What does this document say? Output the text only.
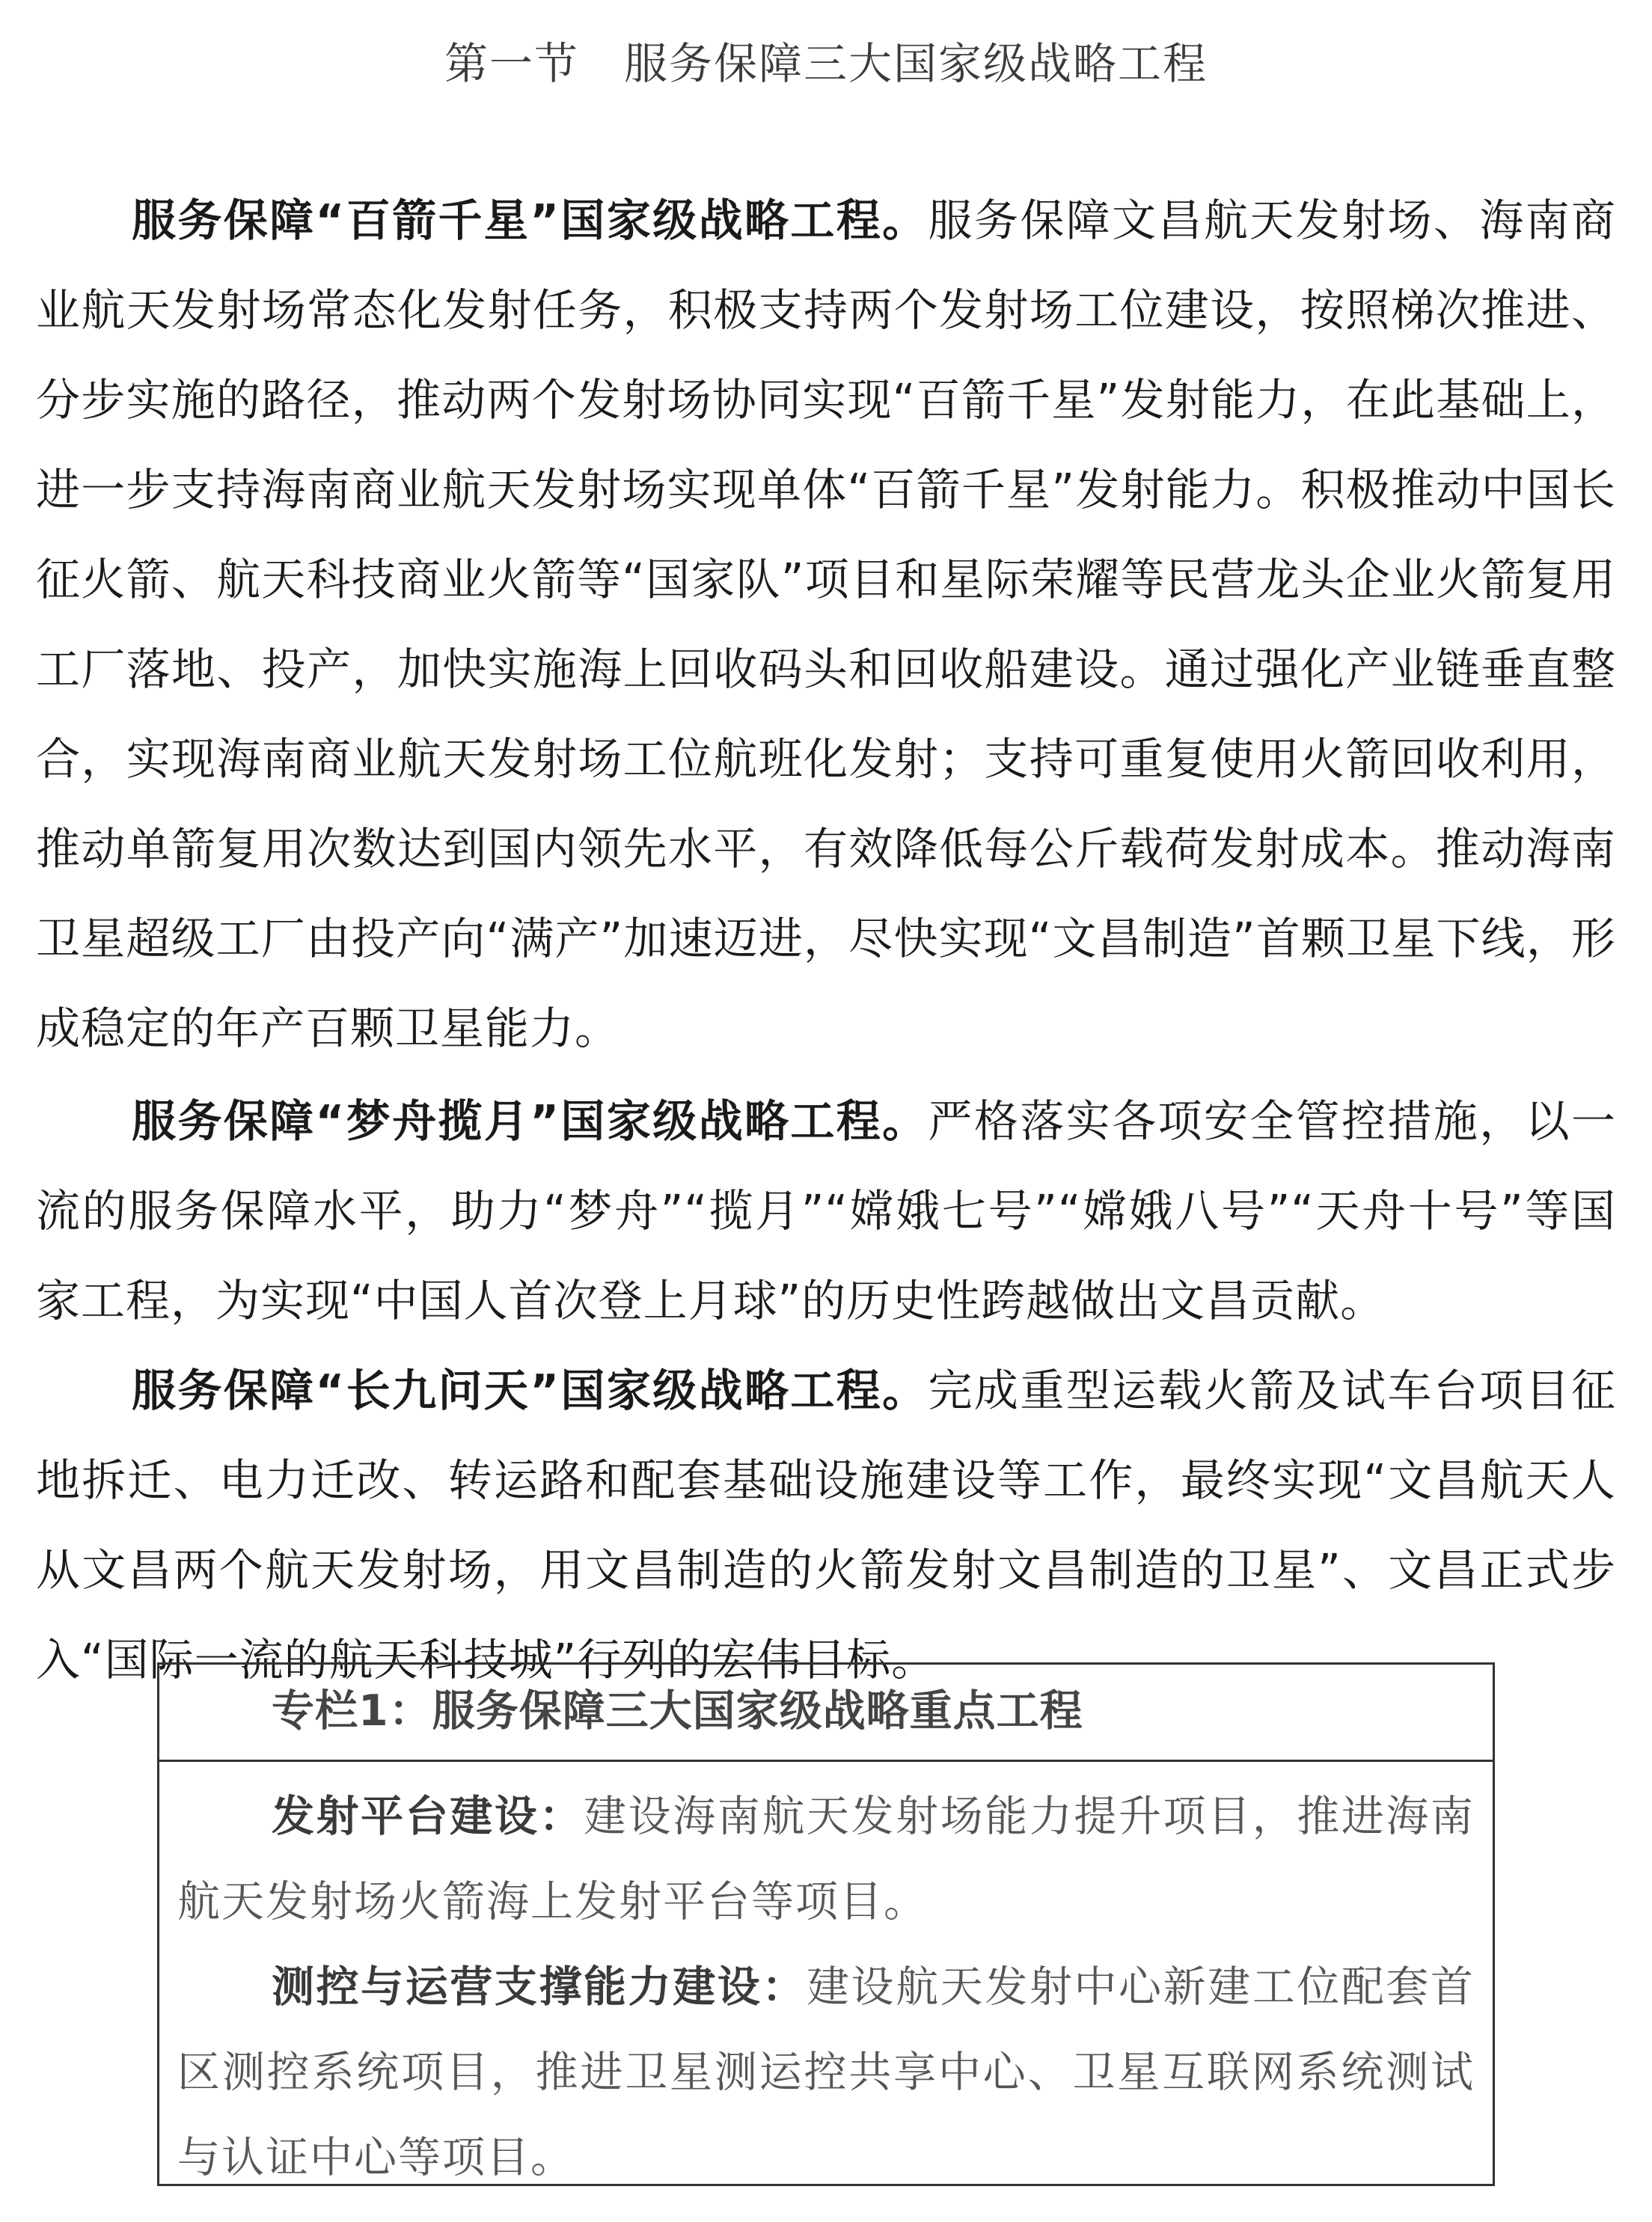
第一节　服务保障三大国家级战略工程

服务保障“百箭千星”国家级战略工程。服务保障文昌航天发射场、海南商业航天发射场常态化发射任务，积极支持两个发射场工位建设，按照梯次推进、分步实施的路径，推动两个发射场协同实现“百箭千星”发射能力，在此基础上，进一步支持海南商业航天发射场实现单体“百箭千星”发射能力。积极推动中国长征火箭、航天科技商业火箭等“国家队”项目和星际荣耀等民营龙头企业火箭复用工厂落地、投产，加快实施海上回收码头和回收船建设。通过强化产业链垂直整合，实现海南商业航天发射场工位航班化发射；支持可重复使用火箭回收利用，推动单箭复用次数达到国内领先水平，有效降低每公斤载荷发射成本。推动海南卫星超级工厂由投产向“满产”加速迈进，尽快实现“文昌制造”首颗卫星下线，形成稳定的年产百颗卫星能力。

服务保障“梦舟揽月”国家级战略工程。严格落实各项安全管控措施，以一流的服务保障水平，助力“梦舟”“揽月”“嫦娥七号”“嫦娥八号”“天舟十号”等国家工程，为实现“中国人首次登上月球”的历史性跨越做出文昌贡献。

服务保障“长九问天”国家级战略工程。完成重型运载火箭及试车台项目征地拆迁、电力迁改、转运路和配套基础设施建设等工作，最终实现“文昌航天人从文昌两个航天发射场，用文昌制造的火箭发射文昌制造的卫星”、文昌正式步入“国际一流的航天科技城”行列的宏伟目标。

专栏1：服务保障三大国家级战略重点工程

发射平台建设：建设海南航天发射场能力提升项目，推进海南航天发射场火箭海上发射平台等项目。

测控与运营支撑能力建设：建设航天发射中心新建工位配套首区测控系统项目，推进卫星测运控共享中心、卫星互联网系统测试与认证中心等项目。
